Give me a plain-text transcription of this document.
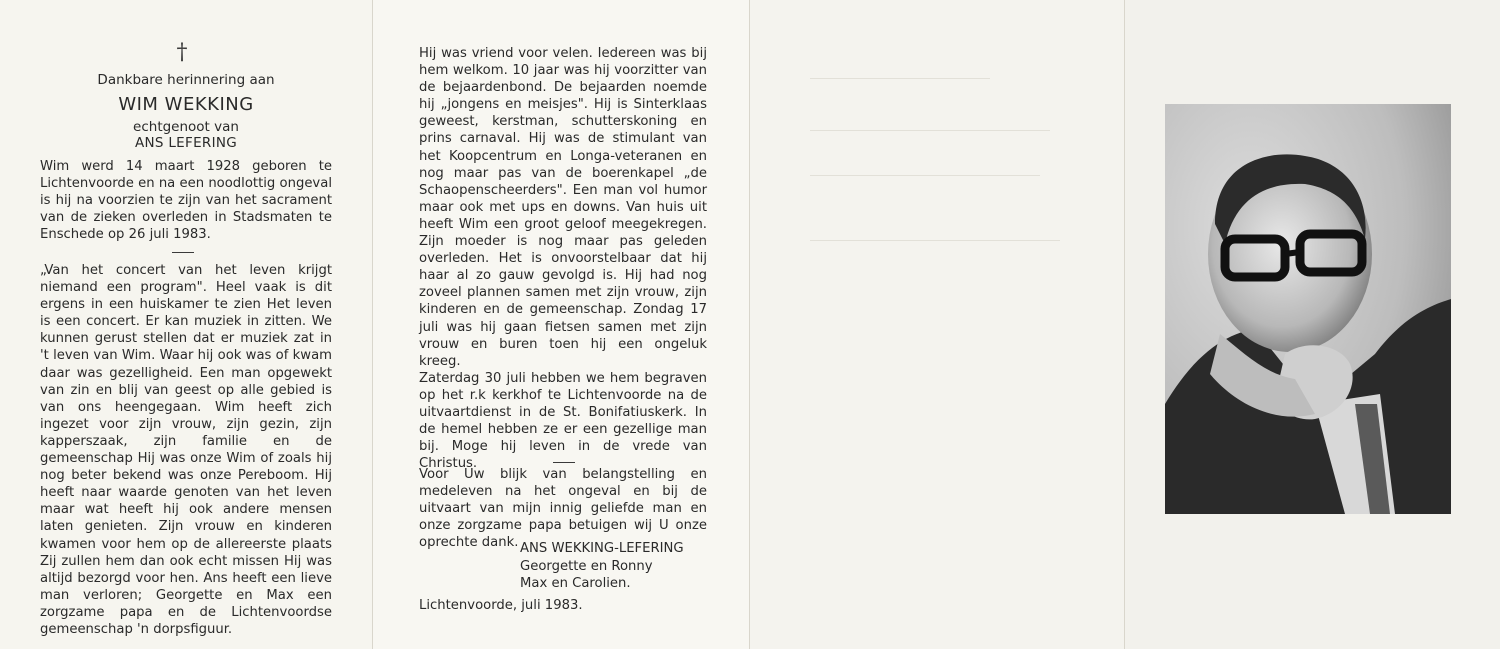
†
Dankbare herinnering aan
WIM WEKKING
echtgenoot van
ANS LEFERING

Wim werd 14 maart 1928 geboren te Lichtenvoorde en na een noodlottig ongeval is hij na voorzien te zijn van het sacrament van de zieken overleden in Stadsmaten te Enschede op 26 juli 1983.

„Van het concert van het leven krijgt niemand een program". Heel vaak is dit ergens in een huiskamer te zien Het leven is een concert. Er kan muziek in zitten. We kunnen gerust stellen dat er muziek zat in 't leven van Wim. Waar hij ook was of kwam daar was gezelligheid. Een man opgewekt van zin en blij van geest op alle gebied is van ons heengegaan. Wim heeft zich ingezet voor zijn vrouw, zijn gezin, zijn kapperszaak, zijn familie en de gemeenschap Hij was onze Wim of zoals hij nog beter bekend was onze Pereboom. Hij heeft naar waarde genoten van het leven maar wat heeft hij ook andere mensen laten genieten. Zijn vrouw en kinderen kwamen voor hem op de allereerste plaats Zij zullen hem dan ook echt missen Hij was altijd bezorgd voor hen. Ans heeft een lieve man verloren; Georgette en Max een zorgzame papa en de Lichtenvoordse gemeenschap 'n dorpsfiguur.

Hij was vriend voor velen. Iedereen was bij hem welkom. 10 jaar was hij voorzitter van de bejaardenbond. De bejaarden noemde hij „jongens en meisjes". Hij is Sinterklaas geweest, kerstman, schutterskoning en prins carnaval. Hij was de stimulant van het Koopcentrum en Longa-veteranen en nog maar pas van de boerenkapel „de Schaopenscheerders". Een man vol humor maar ook met ups en downs. Van huis uit heeft Wim een groot geloof meegekregen. Zijn moeder is nog maar pas geleden overleden. Het is onvoorstelbaar dat hij haar al zo gauw gevolgd is. Hij had nog zoveel plannen samen met zijn vrouw, zijn kinderen en de gemeenschap. Zondag 17 juli was hij gaan fietsen samen met zijn vrouw en buren toen hij een ongeluk kreeg.

Zaterdag 30 juli hebben we hem begraven op het r.k kerkhof te Lichtenvoorde na de uitvaartdienst in de St. Bonifatiuskerk. In de hemel hebben ze er een gezellige man bij. Moge hij leven in de vrede van Christus.

Voor Uw blijk van belangstelling en medeleven na het ongeval en bij de uitvaart van mijn innig geliefde man en onze zorgzame papa betuigen wij U onze oprechte dank. ANS WEKKING-LEFERING
Georgette en Ronny
Max en Carolien.
Lichtenvoorde, juli 1983.
